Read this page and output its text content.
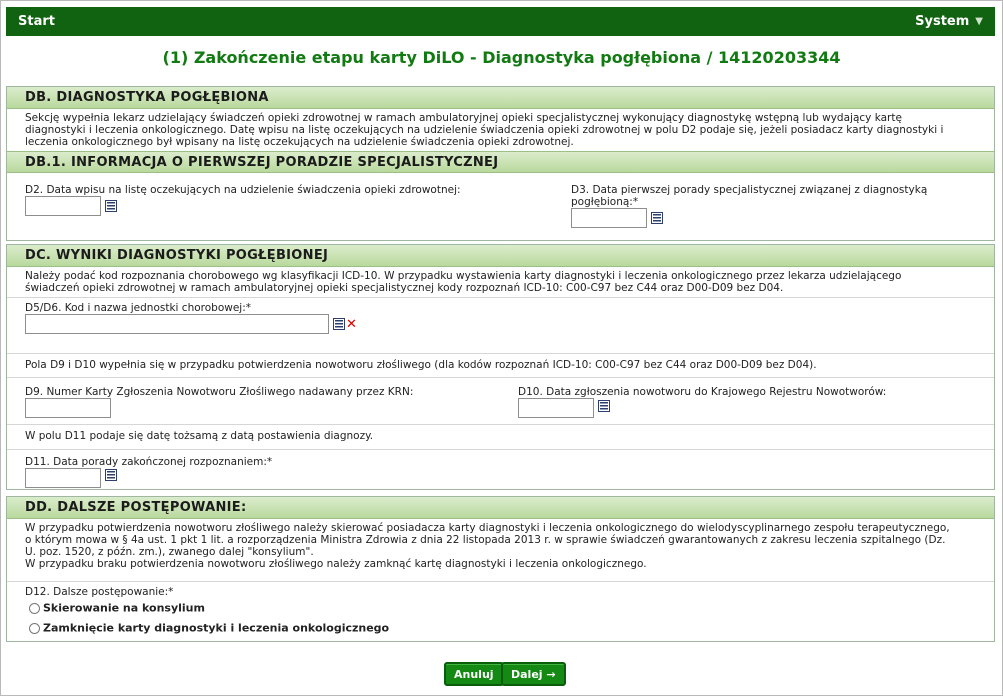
Start	System ▼
(1) Zakończenie etapu karty DiLO - Diagnostyka pogłębiona / 14120203344
DB. DIAGNOSTYKA POGŁĘBIONA
Sekcję wypełnia lekarz udzielający świadczeń opieki zdrowotnej w ramach ambulatoryjnej opieki specjalistycznej wykonujący diagnostykę wstępną lub wydający kartę
diagnostyki i leczenia onkologicznego. Datę wpisu na listę oczekujących na udzielenie świadczenia opieki zdrowotnej w polu D2 podaje się, jeżeli posiadacz karty diagnostyki i
leczenia onkologicznego był wpisany na listę oczekujących na udzielenie świadczenia opieki zdrowotnej.
DB.1. INFORMACJA O PIERWSZEJ PORADZIE SPECJALISTYCZNEJ
D2. Data wpisu na listę oczekujących na udzielenie świadczenia opieki zdrowotnej:	D3. Data pierwszej porady specjalistycznej związanej z diagnostyką
pogłębioną:*
DC. WYNIKI DIAGNOSTYKI POGŁĘBIONEJ
Należy podać kod rozpoznania chorobowego wg klasyfikacji ICD-10. W przypadku wystawienia karty diagnostyki i leczenia onkologicznego przez lekarza udzielającego
świadczeń opieki zdrowotnej w ramach ambulatoryjnej opieki specjalistycznej kody rozpoznań ICD-10: C00-C97 bez C44 oraz D00-D09 bez D04.
D5/D6. Kod i nazwa jednostki chorobowej:*
✕
Pola D9 i D10 wypełnia się w przypadku potwierdzenia nowotworu złośliwego (dla kodów rozpoznań ICD-10: C00-C97 bez C44 oraz D00-D09 bez D04).
D9. Numer Karty Zgłoszenia Nowotworu Złośliwego nadawany przez KRN:	D10. Data zgłoszenia nowotworu do Krajowego Rejestru Nowotworów:
W polu D11 podaje się datę tożsamą z datą postawienia diagnozy.
D11. Data porady zakończonej rozpoznaniem:*
DD. DALSZE POSTĘPOWANIE:
W przypadku potwierdzenia nowotworu złośliwego należy skierować posiadacza karty diagnostyki i leczenia onkologicznego do wielodyscyplinarnego zespołu terapeutycznego,
o którym mowa w § 4a ust. 1 pkt 1 lit. a rozporządzenia Ministra Zdrowia z dnia 22 listopada 2013 r. w sprawie świadczeń gwarantowanych z zakresu leczenia szpitalnego (Dz.
U. poz. 1520, z późn. zm.), zwanego dalej "konsylium".
W przypadku braku potwierdzenia nowotworu złośliwego należy zamknąć kartę diagnostyki i leczenia onkologicznego.
D12. Dalsze postępowanie:*
Skierowanie na konsylium
Zamknięcie karty diagnostyki i leczenia onkologicznego
Anuluj	Dalej →
